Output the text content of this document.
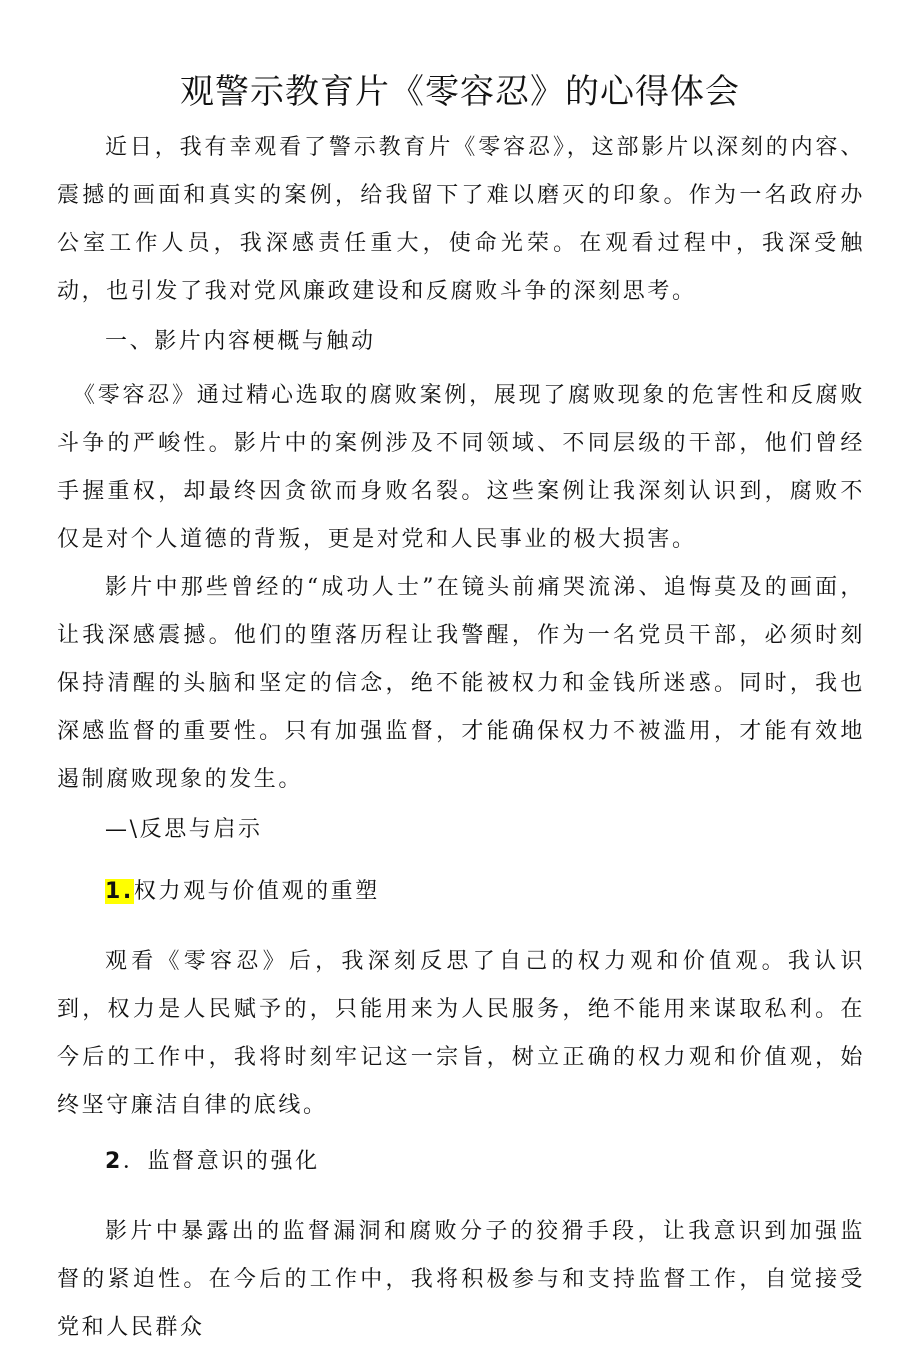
观警示教育片《零容忍》的心得体会

近日，我有幸观看了警示教育片《零容忍》，这部影片以深刻的内容、震撼的画面和真实的案例，给我留下了难以磨灭的印象。作为一名政府办公室工作人员，我深感责任重大，使命光荣。在观看过程中，我深受触动，也引发了我对党风廉政建设和反腐败斗争的深刻思考。

一、影片内容梗概与触动

《零容忍》通过精心选取的腐败案例，展现了腐败现象的危害性和反腐败斗争的严峻性。影片中的案例涉及不同领域、不同层级的干部，他们曾经手握重权，却最终因贪欲而身败名裂。这些案例让我深刻认识到，腐败不仅是对个人道德的背叛，更是对党和人民事业的极大损害。

影片中那些曾经的“成功人士”在镜头前痛哭流涕、追悔莫及的画面，让我深感震撼。他们的堕落历程让我警醒，作为一名党员干部，必须时刻保持清醒的头脑和坚定的信念，绝不能被权力和金钱所迷惑。同时，我也深感监督的重要性。只有加强监督，才能确保权力不被滥用，才能有效地遏制腐败现象的发生。

—\反思与启示

1.权力观与价值观的重塑

观看《零容忍》后，我深刻反思了自己的权力观和价值观。我认识到，权力是人民赋予的，只能用来为人民服务，绝不能用来谋取私利。在今后的工作中，我将时刻牢记这一宗旨，树立正确的权力观和价值观，始终坚守廉洁自律的底线。

2．监督意识的强化

影片中暴露出的监督漏洞和腐败分子的狡猾手段，让我意识到加强监督的紧迫性。在今后的工作中，我将积极参与和支持监督工作，自觉接受党和人民群众
